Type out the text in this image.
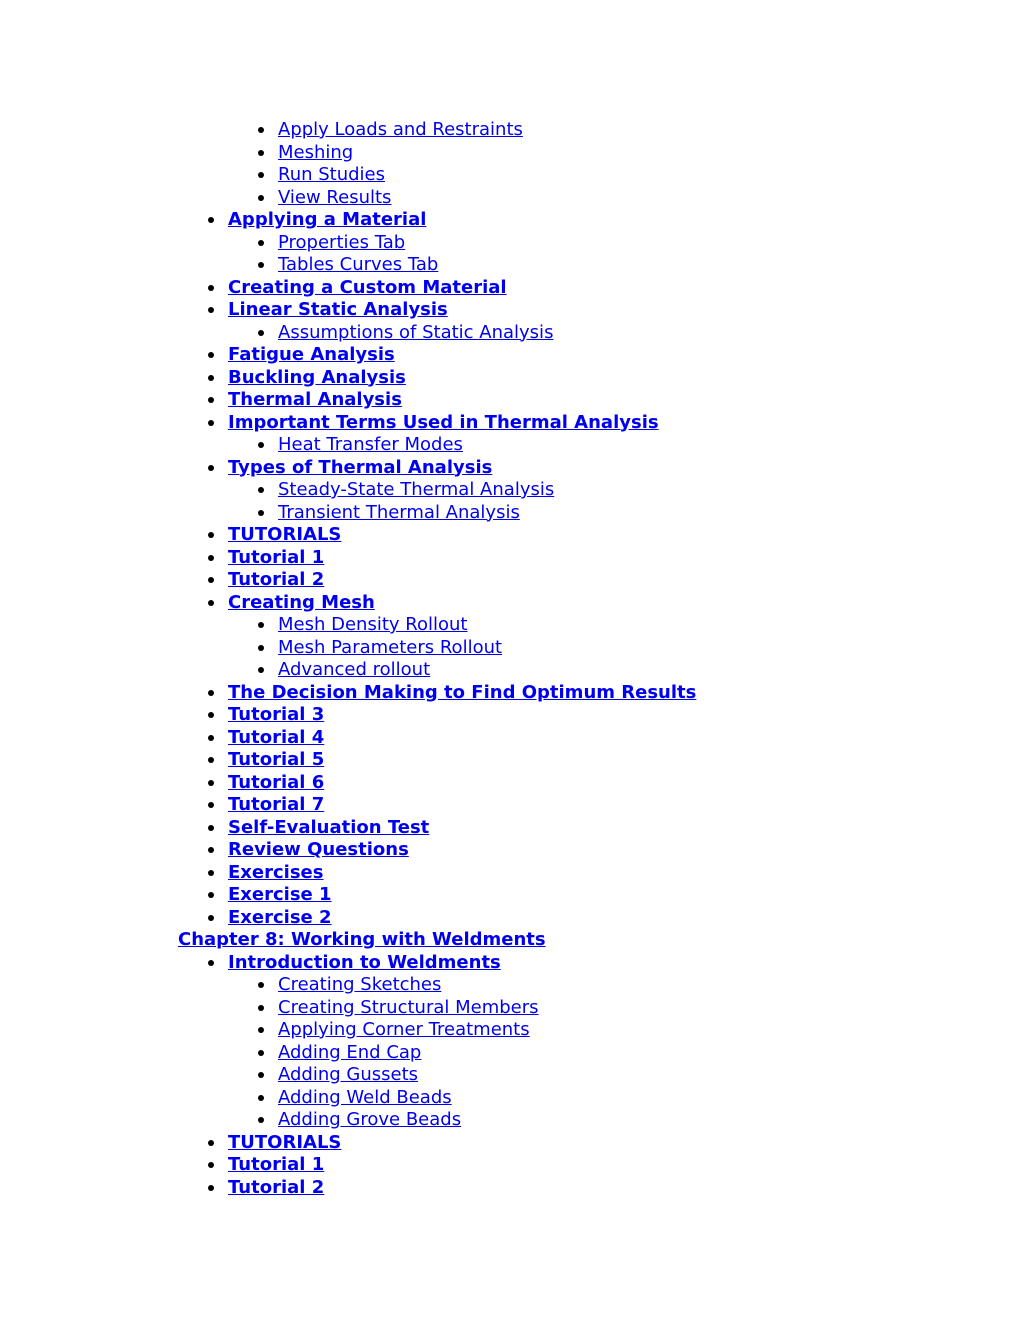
Apply Loads and Restraints
Meshing
Run Studies
View Results
Applying a Material
Properties Tab
Tables Curves Tab
Creating a Custom Material
Linear Static Analysis
Assumptions of Static Analysis
Fatigue Analysis
Buckling Analysis
Thermal Analysis
Important Terms Used in Thermal Analysis
Heat Transfer Modes
Types of Thermal Analysis
Steady-State Thermal Analysis
Transient Thermal Analysis
TUTORIALS
Tutorial 1
Tutorial 2
Creating Mesh
Mesh Density Rollout
Mesh Parameters Rollout
Advanced rollout
The Decision Making to Find Optimum Results
Tutorial 3
Tutorial 4
Tutorial 5
Tutorial 6
Tutorial 7
Self-Evaluation Test
Review Questions
Exercises
Exercise 1
Exercise 2
Chapter 8: Working with Weldments
Introduction to Weldments
Creating Sketches
Creating Structural Members
Applying Corner Treatments
Adding End Cap
Adding Gussets
Adding Weld Beads
Adding Grove Beads
TUTORIALS
Tutorial 1
Tutorial 2
